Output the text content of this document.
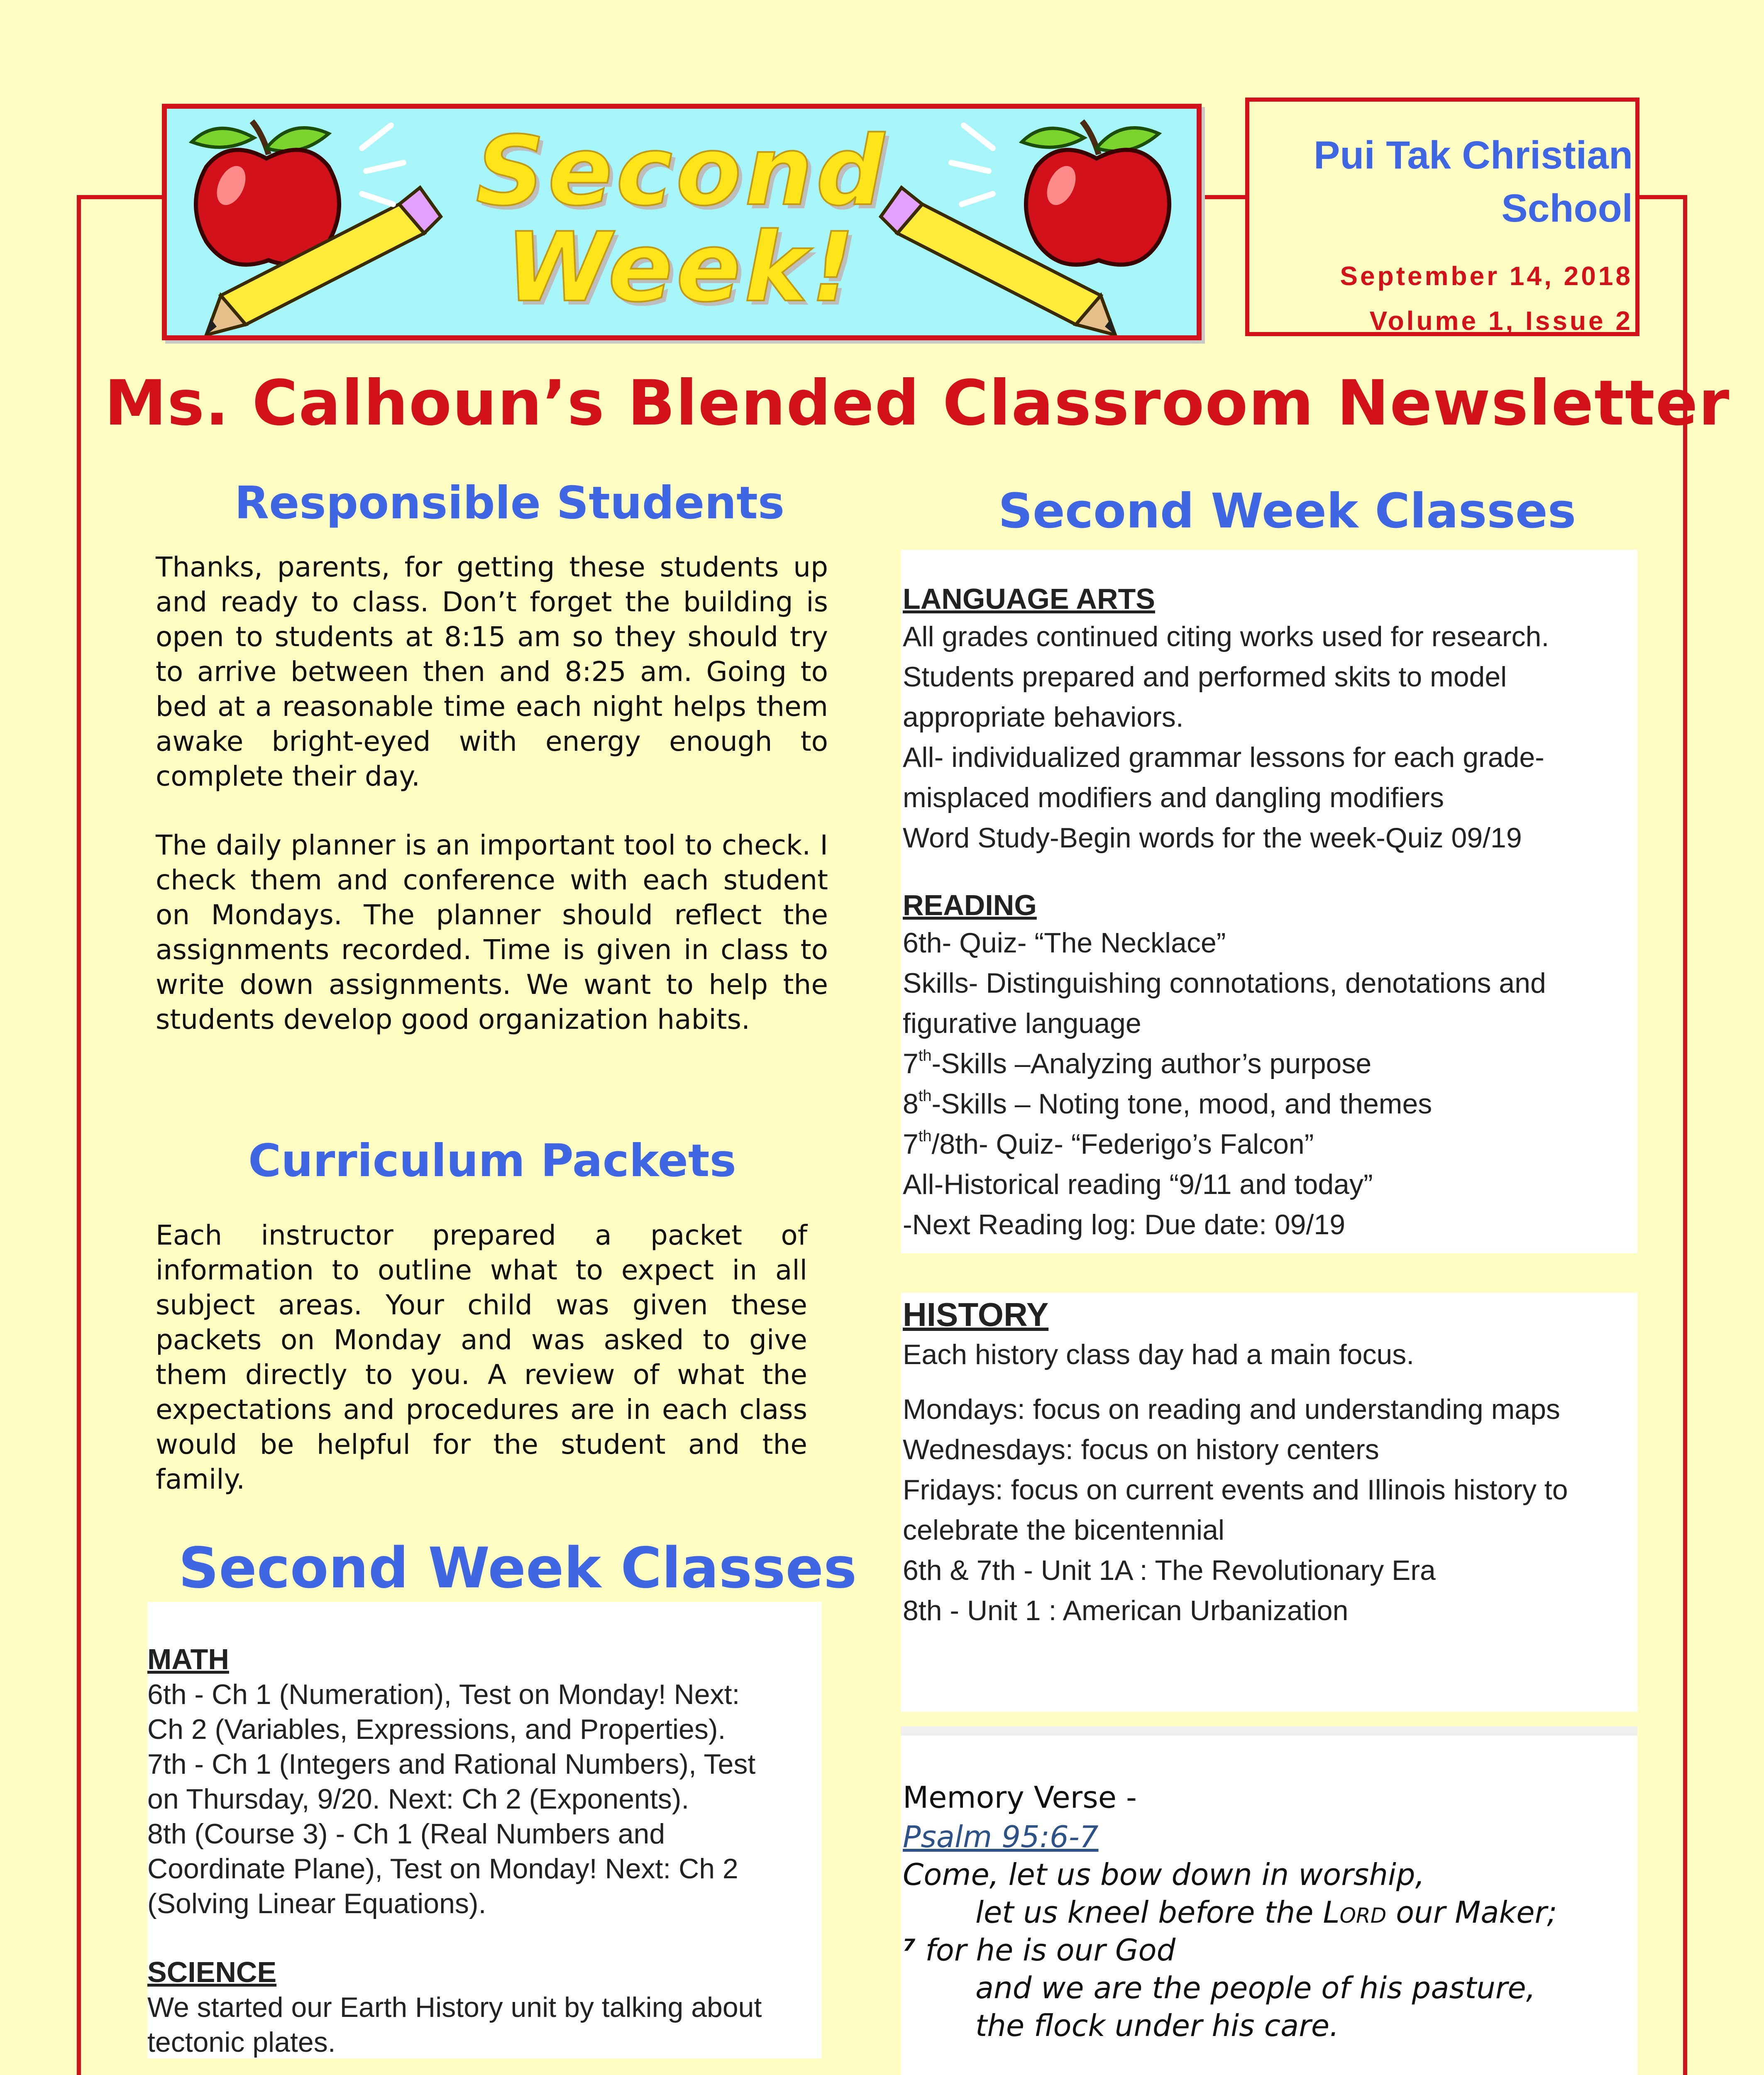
Second
Week!
Pui Tak Christian
School
September 14, 2018
Volume 1, Issue 2
Ms. Calhoun’s Blended Classroom Newsletter
Responsible Students
Thanks, parents, for getting these students up and ready to class. Don’t forget the building is open to students at 8:15 am so they should try to arrive between then and 8:25 am. Going to bed at a reasonable time each night helps them awake bright-eyed with energy enough to complete their day.
The daily planner is an important tool to check. I check them and conference with each student on Mondays. The planner should reflect the assignments recorded. Time is given in class to write down assignments. We want to help the students develop good organization habits.
Curriculum Packets
Each instructor prepared a packet of information to outline what to expect in all subject areas. Your child was given these packets on Monday and was asked to give them directly to you. A review of what the expectations and procedures are in each class would be helpful for the student and the family.
Second Week Classes
MATH
6th - Ch 1 (Numeration), Test on Monday! Next:
Ch 2 (Variables, Expressions, and Properties).
7th - Ch 1 (Integers and Rational Numbers), Test
on Thursday, 9/20. Next: Ch 2 (Exponents).
8th (Course 3) - Ch 1 (Real Numbers and
Coordinate Plane), Test on Monday! Next: Ch 2
(Solving Linear Equations).
SCIENCE
We started our Earth History unit by talking about
tectonic plates.
Second Week Classes
LANGUAGE ARTS
All grades continued citing works used for research.
Students prepared and performed skits to model
appropriate behaviors.
All- individualized grammar lessons for each grade-
misplaced modifiers and dangling modifiers
Word Study-Begin words for the week-Quiz 09/19
READING
6th- Quiz- “The Necklace”
Skills- Distinguishing connotations, denotations and
figurative language
7th-Skills –Analyzing author’s purpose
8th-Skills – Noting tone, mood, and themes
7th/8th- Quiz- “Federigo’s Falcon”
All-Historical reading “9/11 and today”
-Next Reading log: Due date: 09/19
HISTORY
Each history class day had a main focus.
Mondays: focus on reading and understanding maps
Wednesdays: focus on history centers
Fridays: focus on current events and Illinois history to
celebrate the bicentennial
6th & 7th - Unit 1A : The Revolutionary Era
8th - Unit 1 : American Urbanization
Memory Verse -
Psalm 95:6-7
Come, let us bow down in worship,
let us kneel before the Lord our Maker;
⁷ for he is our God
and we are the people of his pasture,
the flock under his care.
